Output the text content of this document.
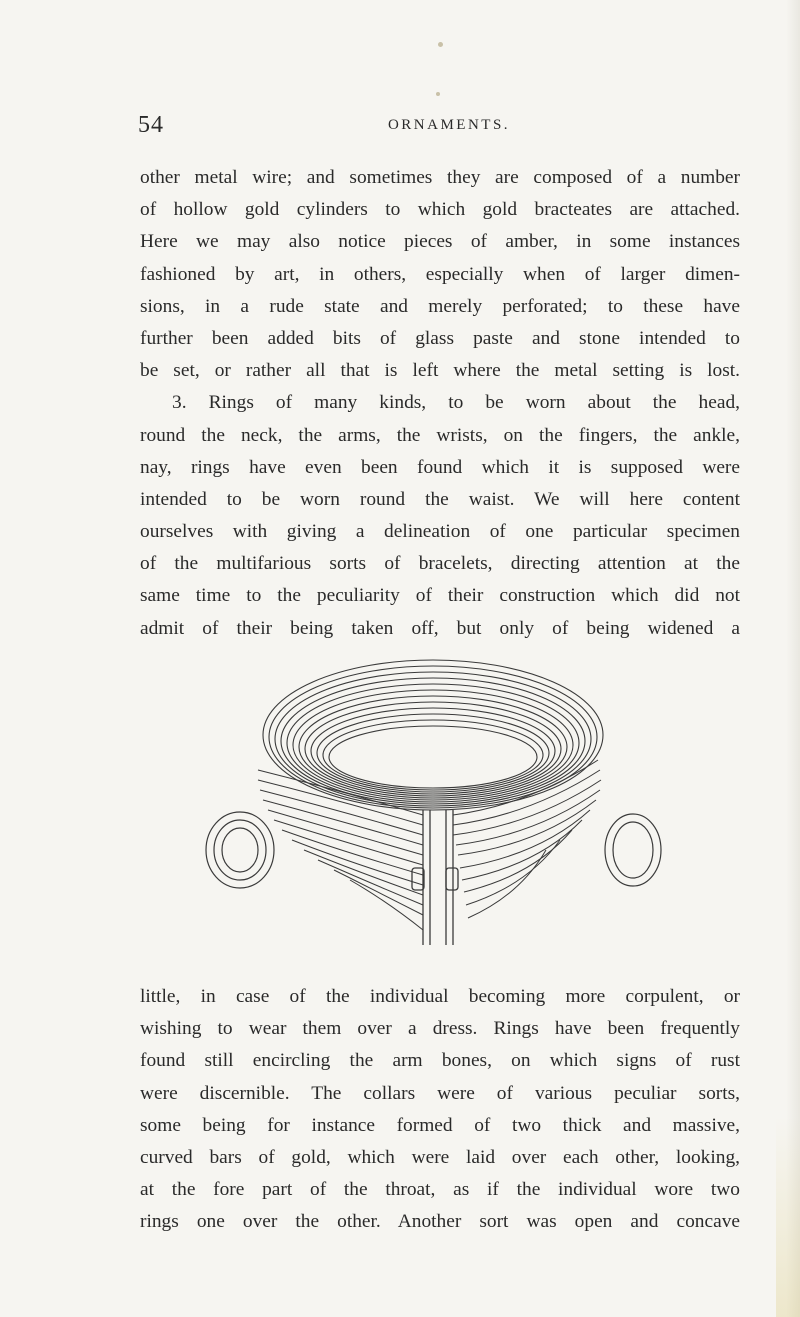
54	ORNAMENTS.
other metal wire; and sometimes they are composed of a number
of hollow gold cylinders to which gold bracteates are attached.
Here we may also notice pieces of amber, in some instances
fashioned by art, in others, especially when of larger dimen-
sions, in a rude state and merely perforated; to these have
further been added bits of glass paste and stone intended to
be set, or rather all that is left where the metal setting is lost.
3. Rings of many kinds, to be worn about the head,
round the neck, the arms, the wrists, on the fingers, the ankle,
nay, rings have even been found which it is supposed were
intended to be worn round the waist. We will here content
ourselves with giving a delineation of one particular specimen
of the multifarious sorts of bracelets, directing attention at the
same time to the peculiarity of their construction which did not
admit of their being taken off, but only of being widened a
little, in case of the individual becoming more corpulent, or
wishing to wear them over a dress. Rings have been frequently
found still encircling the arm bones, on which signs of rust
were discernible. The collars were of various peculiar sorts,
some being for instance formed of two thick and massive,
curved bars of gold, which were laid over each other, looking,
at the fore part of the throat, as if the individual wore two
rings one over the other. Another sort was open and concave
